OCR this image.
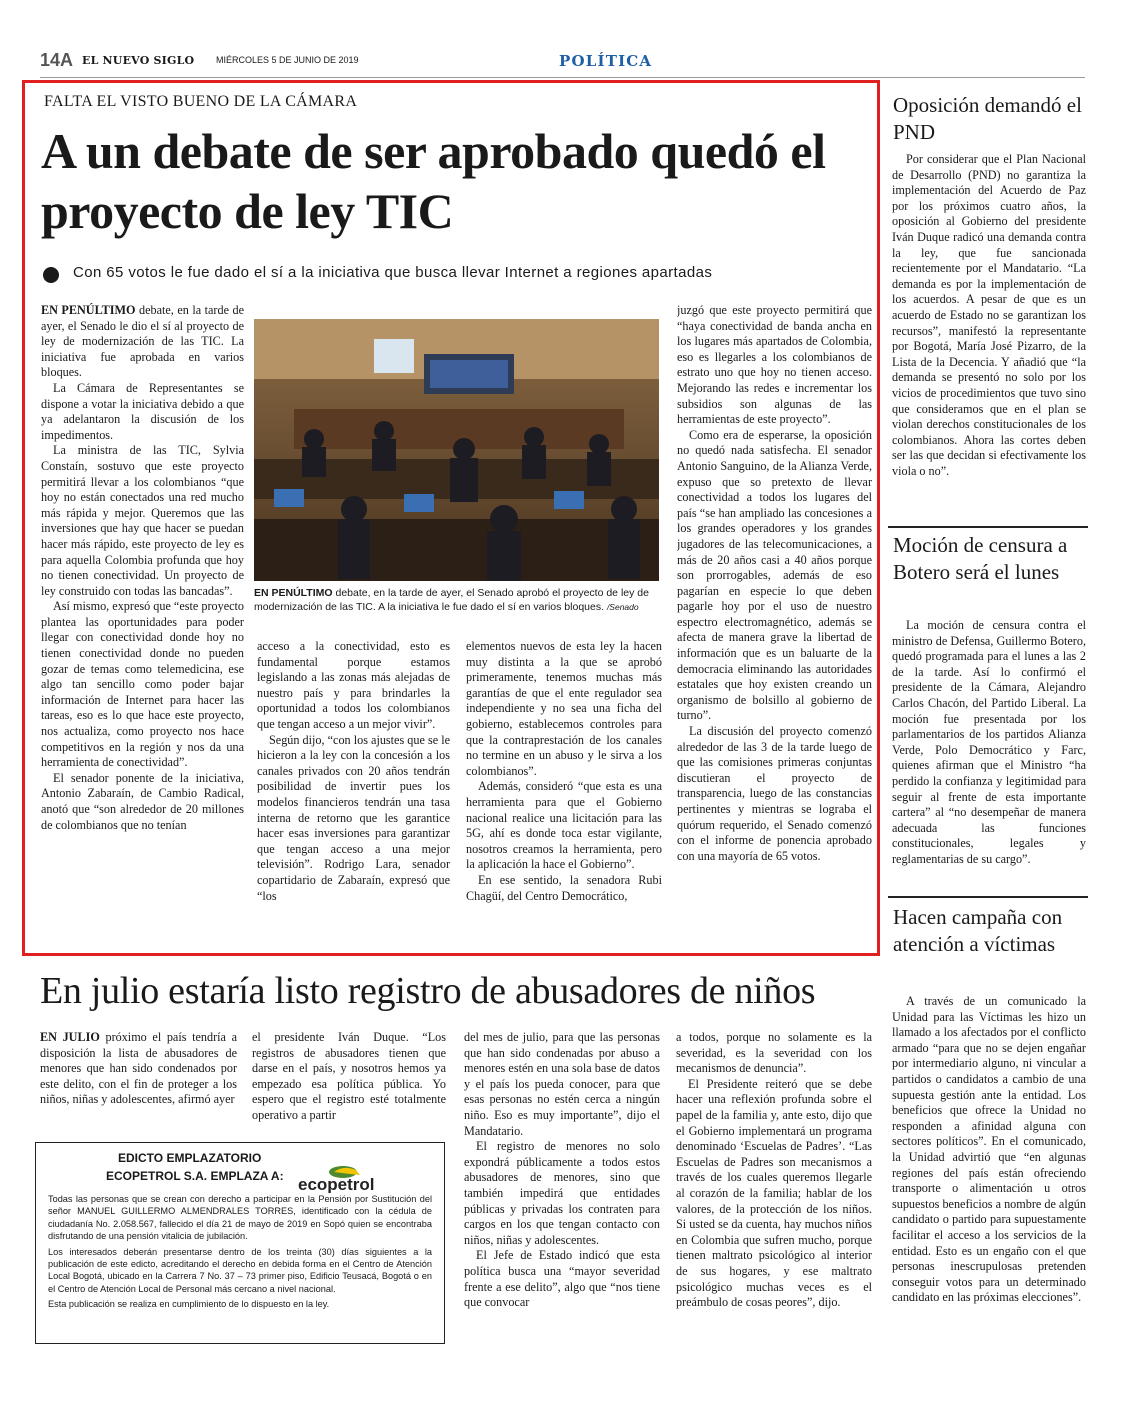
14A EL NUEVO SIGLO MIÉRCOLES 5 DE JUNIO DE 2019	POLÍTICA
FALTA EL VISTO BUENO DE LA CÁMARA
A un debate de ser aprobado quedó el proyecto de ley TIC
Con 65 votos le fue dado el sí a la iniciativa que busca llevar Internet a regiones apartadas

EN PENÚLTIMO debate, en la tarde de ayer, el Senado le dio el sí al proyecto de ley de modernización de las TIC. La iniciativa fue aprobada en varios bloques.

La Cámara de Representantes se dispone a votar la iniciativa debido a que ya adelantaron la discusión de los impedimentos.

La ministra de las TIC, Sylvia Constaín, sostuvo que este proyecto permitirá llevar a los colombianos “que hoy no están conectados una red mucho más rápida y mejor. Queremos que las inversiones que hay que hacer se puedan hacer más rápido, este proyecto de ley es para aquella Colombia profunda que hoy no tienen conectividad. Un proyecto de ley construido con todas las bancadas”.

Así mismo, expresó que “este proyecto plantea las oportunidades para poder llegar con conectividad donde hoy no tienen conectividad donde no pueden gozar de temas como telemedicina, ese algo tan sencillo como poder bajar información de Internet para hacer las tareas, eso es lo que hace este proyecto, nos actualiza, como proyecto nos hace competitivos en la región y nos da una herramienta de conectividad”.

El senador ponente de la iniciativa, Antonio Zabaraín, de Cambio Radical, anotó que “son alrededor de 20 millones de colombianos que no tenían

EN PENÚLTIMO debate, en la tarde de ayer, el Senado aprobó el proyecto de ley de modernización de las TIC. A la iniciativa le fue dado el sí en varios bloques. /Senado

acceso a la conectividad, esto es fundamental porque estamos legislando a las zonas más alejadas de nuestro país y para brindarles la oportunidad a todos los colombianos que tengan acceso a un mejor vivir”.

Según dijo, “con los ajustes que se le hicieron a la ley con la concesión a los canales privados con 20 años tendrán posibilidad de invertir pues los modelos financieros tendrán una tasa interna de retorno que les garantice hacer esas inversiones para garantizar que tengan acceso a una mejor televisión”. Rodrigo Lara, senador copartidario de Zabaraín, expresó que “los

elementos nuevos de esta ley la hacen muy distinta a la que se aprobó primeramente, tenemos muchas más garantías de que el ente regulador sea independiente y no sea una ficha del gobierno, establecemos controles para que la contraprestación de los canales no termine en un abuso y le sirva a los colombianos”.

Además, consideró “que esta es una herramienta para que el Gobierno nacional realice una licitación para las 5G, ahí es donde toca estar vigilante, nosotros creamos la herramienta, pero la aplicación la hace el Gobierno”.

En ese sentido, la senadora Rubi Chagüí, del Centro Democrático,

juzgó que este proyecto permitirá que “haya conectividad de banda ancha en los lugares más apartados de Colombia, eso es llegarles a los colombianos de estrato uno que hoy no tienen acceso. Mejorando las redes e incrementar los subsidios son algunas de las herramientas de este proyecto”.

Como era de esperarse, la oposición no quedó nada satisfecha. El senador Antonio Sanguino, de la Alianza Verde, expuso que so pretexto de llevar conectividad a todos los lugares del país “se han ampliado las concesiones a los grandes operadores y los grandes jugadores de las telecomunicaciones, a más de 20 años casi a 40 años porque son prorrogables, además de eso pagarían en especie lo que deben pagarle hoy por el uso de nuestro espectro electromagnético, además se afecta de manera grave la libertad de información que es un baluarte de la democracia eliminando las autoridades estatales que hoy existen creando un organismo de bolsillo al gobierno de turno”.

La discusión del proyecto comenzó alrededor de las 3 de la tarde luego de que las comisiones primeras conjuntas discutieran el proyecto de transparencia, luego de las constancias pertinentes y mientras se lograba el quórum requerido, el Senado comenzó con el informe de ponencia aprobado con una mayoría de 65 votos.

En julio estaría listo registro de abusadores de niños

EN JULIO próximo el país tendría a disposición la lista de abusadores de menores que han sido condenados por este delito, con el fin de proteger a los niños, niñas y adolescentes, afirmó ayer

el presidente Iván Duque. “Los registros de abusadores tienen que darse en el país, y nosotros hemos ya empezado esa política pública. Yo espero que el registro esté totalmente operativo a partir

del mes de julio, para que las personas que han sido condenadas por abuso a menores estén en una sola base de datos y el país los pueda conocer, para que esas personas no estén cerca a ningún niño. Eso es muy importante”, dijo el Mandatario.

El registro de menores no solo expondrá públicamente a todos estos abusadores de menores, sino que también impedirá que entidades públicas y privadas los contraten para cargos en los que tengan contacto con niños, niñas y adolescentes.

El Jefe de Estado indicó que esta política busca una “mayor severidad frente a ese delito”, algo que “nos tiene que convocar

a todos, porque no solamente es la severidad, es la severidad con los mecanismos de denuncia”.

El Presidente reiteró que se debe hacer una reflexión profunda sobre el papel de la familia y, ante esto, dijo que el Gobierno implementará un programa denominado ‘Escuelas de Padres’. “Las Escuelas de Padres son mecanismos a través de los cuales queremos llegarle al corazón de la familia; hablar de los valores, de la protección de los niños. Si usted se da cuenta, hay muchos niños en Colombia que sufren mucho, porque tienen maltrato psicológico al interior de sus hogares, y ese maltrato psicológico muchas veces es el preámbulo de cosas peores”, dijo.

EDICTO EMPLAZATORIO
ECOPETROL S.A. EMPLAZA A: ecopetrol

Todas las personas que se crean con derecho a participar en la Pensión por Sustitución del señor MANUEL GUILLERMO ALMENDRALES TORRES, identificado con la cédula de ciudadanía No. 2.058.567, fallecido el día 21 de mayo de 2019 en Sopó quien se encontraba disfrutando de una pensión vitalicia de jubilación.

Los interesados deberán presentarse dentro de los treinta (30) días siguientes a la publicación de este edicto, acreditando el derecho en debida forma en el Centro de Atención Local Bogotá, ubicado en la Carrera 7 No. 37 – 73 primer piso, Edificio Teusacá, Bogotá o en el Centro de Atención Local de Personal más cercano a nivel nacional.

Esta publicación se realiza en cumplimiento de lo dispuesto en la ley.

Oposición demandó el PND

Por considerar que el Plan Nacional de Desarrollo (PND) no garantiza la implementación del Acuerdo de Paz por los próximos cuatro años, la oposición al Gobierno del presidente Iván Duque radicó una demanda contra la ley, que fue sancionada recientemente por el Mandatario. “La demanda es por la implementación de los acuerdos. A pesar de que es un acuerdo de Estado no se garantizan los recursos”, manifestó la representante por Bogotá, María José Pizarro, de la Lista de la Decencia. Y añadió que “la demanda se presentó no solo por los vicios de procedimientos que tuvo sino que consideramos que en el plan se violan derechos constitucionales de los colombianos. Ahora las cortes deben ser las que decidan si efectivamente los viola o no”.

Moción de censura a Botero será el lunes

La moción de censura contra el ministro de Defensa, Guillermo Botero, quedó programada para el lunes a las 2 de la tarde. Así lo confirmó el presidente de la Cámara, Alejandro Carlos Chacón, del Partido Liberal. La moción fue presentada por los parlamentarios de los partidos Alianza Verde, Polo Democrático y Farc, quienes afirman que el Ministro “ha perdido la confianza y legitimidad para seguir al frente de esta importante cartera” al “no desempeñar de manera adecuada las funciones constitucionales, legales y reglamentarias de su cargo”.

Hacen campaña con atención a víctimas

A través de un comunicado la Unidad para las Víctimas les hizo un llamado a los afectados por el conflicto armado “para que no se dejen engañar por intermediario alguno, ni vincular a partidos o candidatos a cambio de una supuesta gestión ante la entidad. Los beneficios que ofrece la Unidad no responden a afinidad alguna con sectores políticos”. En el comunicado, la Unidad advirtió que “en algunas regiones del país están ofreciendo transporte o alimentación u otros supuestos beneficios a nombre de algún candidato o partido para supuestamente facilitar el acceso a los servicios de la entidad. Esto es un engaño con el que personas inescrupulosas pretenden conseguir votos para un determinado candidato en las próximas elecciones”.
